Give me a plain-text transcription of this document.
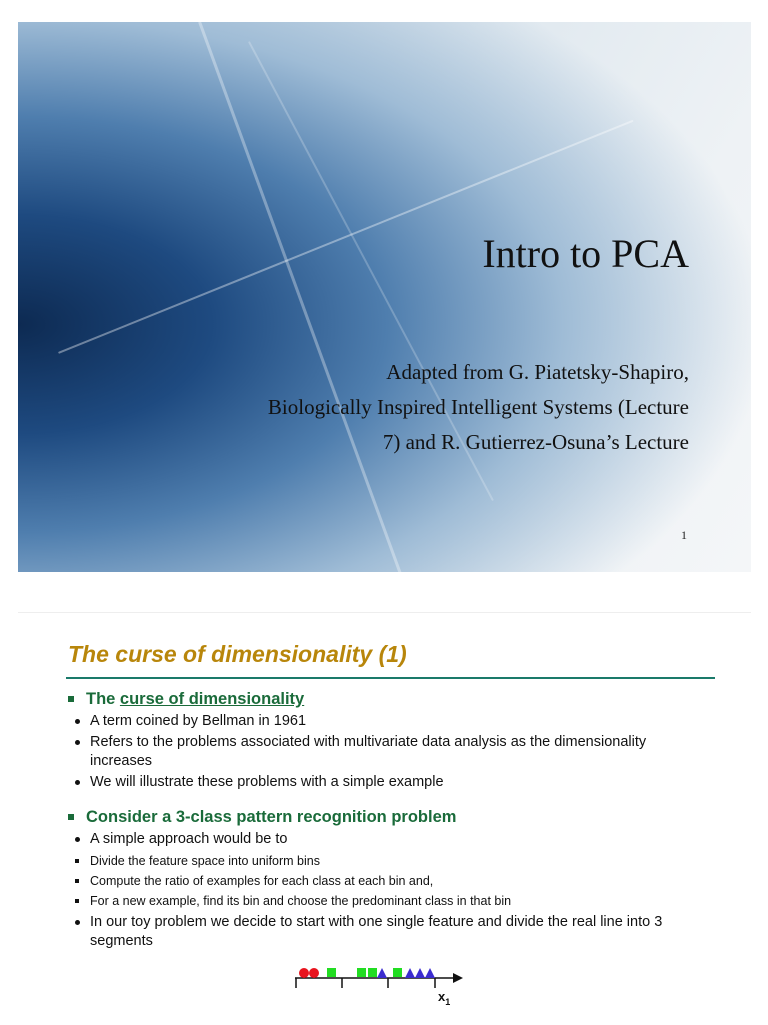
Intro to PCA
Adapted from G. Piatetsky-Shapiro,
Biologically Inspired Intelligent Systems (Lecture
7) and R. Gutierrez-Osuna’s Lecture
1
The curse of dimensionality (1)
The curse of dimensionality
A term coined by Bellman in 1961
Refers to the problems associated with multivariate data analysis as the dimensionality increases
We will illustrate these problems with a simple example
Consider a 3-class pattern recognition problem
A simple approach would be to
Divide the feature space into uniform bins
Compute the ratio of examples for each class at each bin and,
For a new example, find its bin and choose the predominant class in that bin
In our toy problem we decide to start with one single feature and divide the real line into 3 segments
$x_1$
